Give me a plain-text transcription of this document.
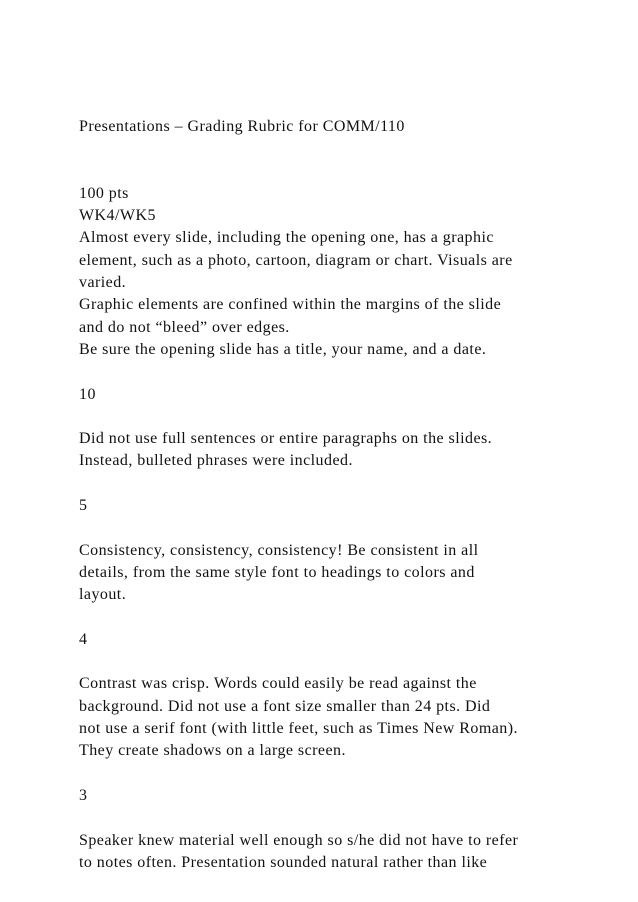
Presentations – Grading Rubric for COMM/110
100 pts
WK4/WK5
Almost every slide, including the opening one, has a graphic
element, such as a photo, cartoon, diagram or chart. Visuals are
varied.
Graphic elements are confined within the margins of the slide
and do not “bleed” over edges.
Be sure the opening slide has a title, your name, and a date.
10
Did not use full sentences or entire paragraphs on the slides.
Instead, bulleted phrases were included.
5
Consistency, consistency, consistency! Be consistent in all
details, from the same style font to headings to colors and
layout.
4
Contrast was crisp. Words could easily be read against the
background. Did not use a font size smaller than 24 pts. Did
not use a serif font (with little feet, such as Times New Roman).
They create shadows on a large screen.
3
Speaker knew material well enough so s/he did not have to refer
to notes often. Presentation sounded natural rather than like
